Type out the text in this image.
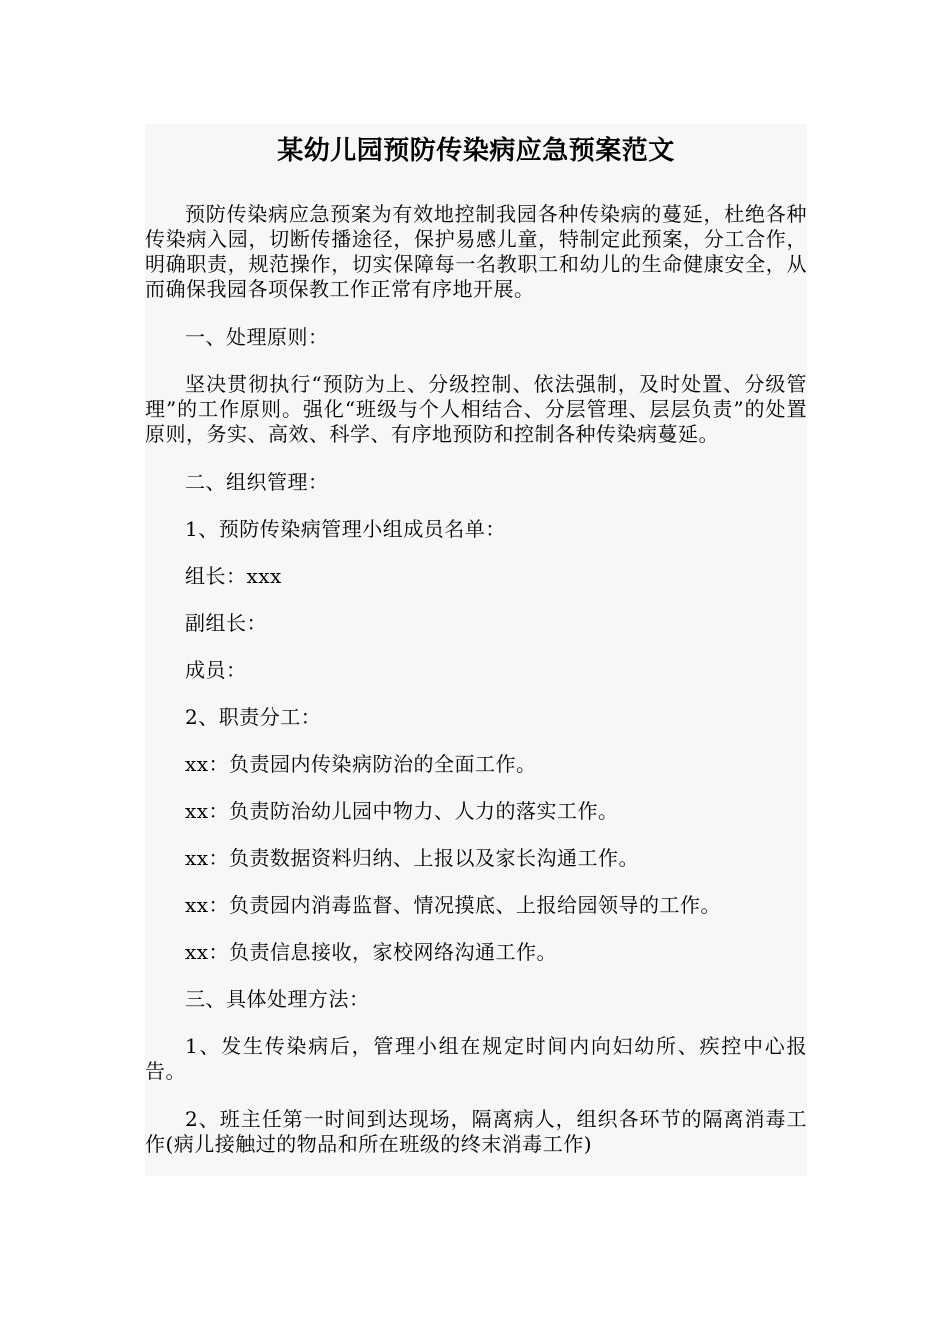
某幼儿园预防传染病应急预案范文

预防传染病应急预案为有效地控制我园各种传染病的蔓延，杜绝各种传染病入园，切断传播途径，保护易感儿童，特制定此预案，分工合作，明确职责，规范操作，切实保障每一名教职工和幼儿的生命健康安全，从而确保我园各项保教工作正常有序地开展。

一、处理原则：

坚决贯彻执行“预防为上、分级控制、依法强制，及时处置、分级管理”的工作原则。强化“班级与个人相结合、分层管理、层层负责”的处置原则，务实、高效、科学、有序地预防和控制各种传染病蔓延。

二、组织管理：
1、预防传染病管理小组成员名单：
组长：xxx
副组长：
成员：
2、职责分工：
xx：负责园内传染病防治的全面工作。
xx：负责防治幼儿园中物力、人力的落实工作。
xx：负责数据资料归纳、上报以及家长沟通工作。
xx：负责园内消毒监督、情况摸底、上报给园领导的工作。
xx：负责信息接收，家校网络沟通工作。
三、具体处理方法：

1、发生传染病后，管理小组在规定时间内向妇幼所、疾控中心报告。

2、班主任第一时间到达现场，隔离病人，组织各环节的隔离消毒工作(病儿接触过的物品和所在班级的终末消毒工作)
